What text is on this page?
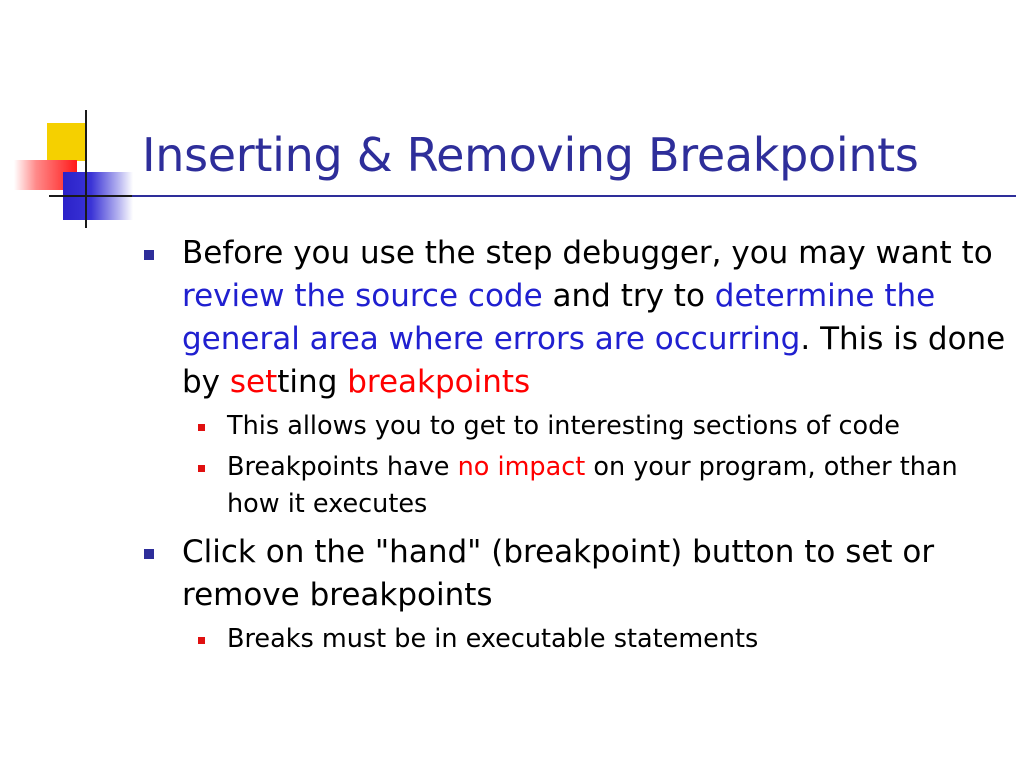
Inserting & Removing Breakpoints
Before you use the step debugger, you may want to review the source code and try to determine the general area where errors are occurring. This is done by setting breakpoints
This allows you to get to interesting sections of code
Breakpoints have no impact on your program, other than how it executes
Click on the "hand" (breakpoint) button to set or remove breakpoints
Breaks must be in executable statements
